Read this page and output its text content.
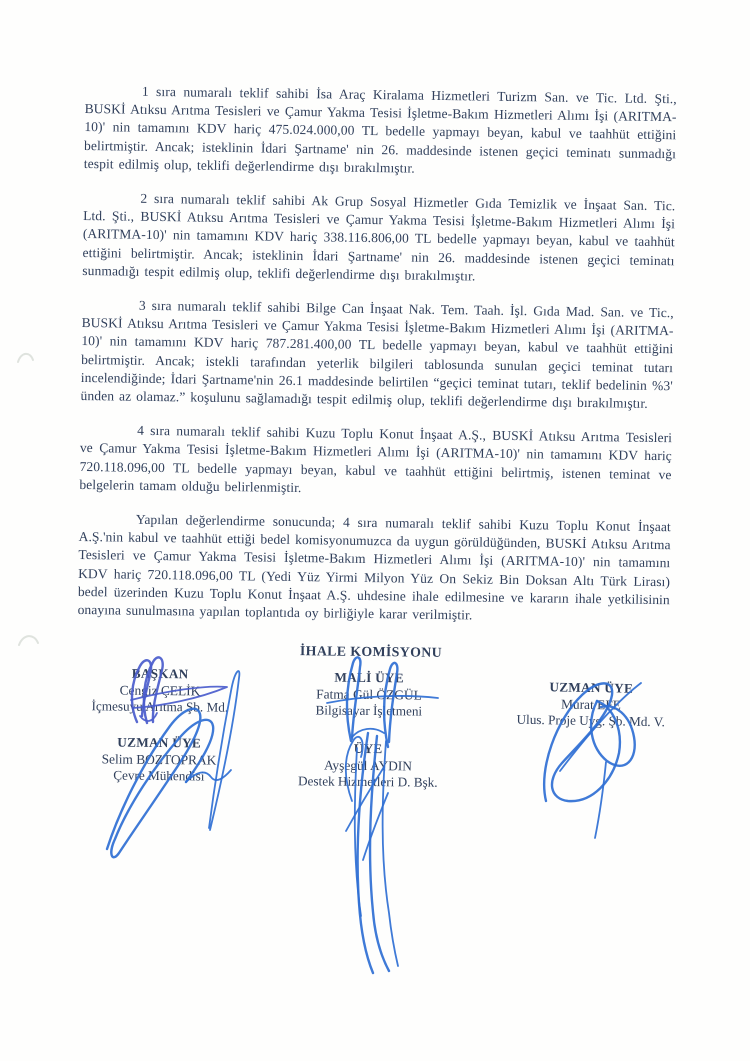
1 sıra numaralı teklif sahibi İsa Araç Kiralama Hizmetleri Turizm San. ve Tic. Ltd. Şti., BUSKİ Atıksu Arıtma Tesisleri ve Çamur Yakma Tesisi İşletme-Bakım Hizmetleri Alımı İşi (ARITMA-10)' nin tamamını KDV hariç 475.024.000,00 TL bedelle yapmayı beyan, kabul ve taahhüt ettiğini belirtmiştir. Ancak; isteklinin İdari Şartname' nin 26. maddesinde istenen geçici teminatı sunmadığı tespit edilmiş olup, teklifi değerlendirme dışı bırakılmıştır.

2 sıra numaralı teklif sahibi Ak Grup Sosyal Hizmetler Gıda Temizlik ve İnşaat San. Tic. Ltd. Şti., BUSKİ Atıksu Arıtma Tesisleri ve Çamur Yakma Tesisi İşletme-Bakım Hizmetleri Alımı İşi (ARITMA-10)' nin tamamını KDV hariç 338.116.806,00 TL bedelle yapmayı beyan, kabul ve taahhüt ettiğini belirtmiştir. Ancak; isteklinin İdari Şartname' nin 26. maddesinde istenen geçici teminatı sunmadığı tespit edilmiş olup, teklifi değerlendirme dışı bırakılmıştır.

3 sıra numaralı teklif sahibi Bilge Can İnşaat Nak. Tem. Taah. İşl. Gıda Mad. San. ve Tic., BUSKİ Atıksu Arıtma Tesisleri ve Çamur Yakma Tesisi İşletme-Bakım Hizmetleri Alımı İşi (ARITMA-10)' nin tamamını KDV hariç 787.281.400,00 TL bedelle yapmayı beyan, kabul ve taahhüt ettiğini belirtmiştir. Ancak; istekli tarafından yeterlik bilgileri tablosunda sunulan geçici teminat tutarı incelendiğinde; İdari Şartname'nin 26.1 maddesinde belirtilen “geçici teminat tutarı, teklif bedelinin %3' ünden az olamaz.” koşulunu sağlamadığı tespit edilmiş olup, teklifi değerlendirme dışı bırakılmıştır.

4 sıra numaralı teklif sahibi Kuzu Toplu Konut İnşaat A.Ş., BUSKİ Atıksu Arıtma Tesisleri ve Çamur Yakma Tesisi İşletme-Bakım Hizmetleri Alımı İşi (ARITMA-10)' nin tamamını KDV hariç 720.118.096,00 TL bedelle yapmayı beyan, kabul ve taahhüt ettiğini belirtmiş, istenen teminat ve belgelerin tamam olduğu belirlenmiştir.

Yapılan değerlendirme sonucunda; 4 sıra numaralı teklif sahibi Kuzu Toplu Konut İnşaat A.Ş.'nin kabul ve taahhüt ettiği bedel komisyonumuzca da uygun görüldüğünden, BUSKİ Atıksu Arıtma Tesisleri ve Çamur Yakma Tesisi İşletme-Bakım Hizmetleri Alımı İşi (ARITMA-10)' nin tamamını KDV hariç 720.118.096,00 TL (Yedi Yüz Yirmi Milyon Yüz On Sekiz Bin Doksan Altı Türk Lirası) bedel üzerinden Kuzu Toplu Konut İnşaat A.Ş. uhdesine ihale edilmesine ve kararın ihale yetkilisinin onayına sunulmasına yapılan toplantıda oy birliğiyle karar verilmiştir.

İHALE KOMİSYONU
BAŞKAN
Cengiz ÇELİK
İçmesuyu Arıtma Şb. Md.
MALİ ÜYE
Fatma Gül ÖZGÜL
Bilgisayar İşletmeni
UZMAN ÜYE
Murat EFE
Ulus. Proje Uyg. Şb. Md. V.
UZMAN ÜYE
Selim BOZTOPRAK
Çevre Mühendisi
ÜYE
Ayşegül AYDIN
Destek Hizmetleri D. Bşk.
